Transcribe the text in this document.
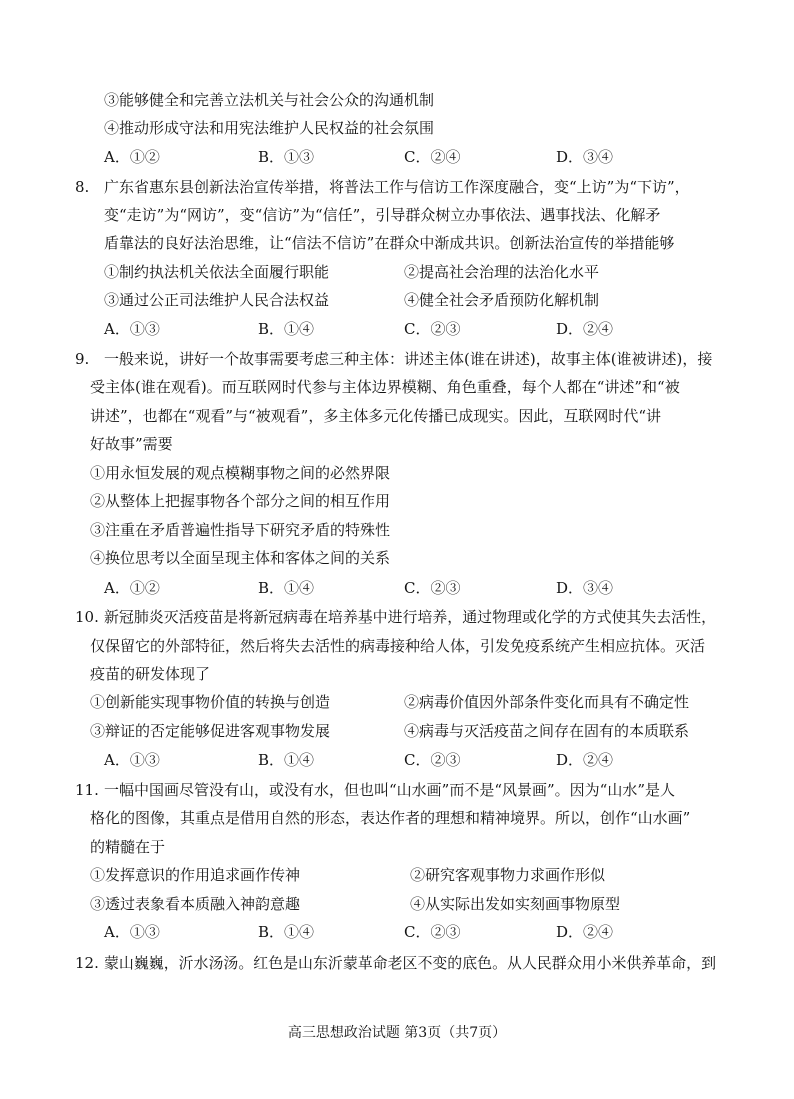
③能够健全和完善立法机关与社会公众的沟通机制
④推动形成守法和用宪法维护人民权益的社会氛围
A．①②	B．①③	C．②④	D．③④
8. 广东省惠东县创新法治宣传举措，将普法工作与信访工作深度融合，变“上访”为“下访”，
变“走访”为“网访”，变“信访”为“信任”，引导群众树立办事依法、遇事找法、化解矛
盾靠法的良好法治思维，让“信法不信访”在群众中渐成共识。创新法治宣传的举措能够
①制约执法机关依法全面履行职能	②提高社会治理的法治化水平
③通过公正司法维护人民合法权益	④健全社会矛盾预防化解机制
A．①③	B．①④	C．②③	D．②④
9. 一般来说，讲好一个故事需要考虑三种主体：讲述主体(谁在讲述)，故事主体(谁被讲述)，接
受主体(谁在观看)。而互联网时代参与主体边界模糊、角色重叠，每个人都在“讲述”和“被
讲述”，也都在“观看”与“被观看”，多主体多元化传播已成现实。因此，互联网时代“讲
好故事”需要
①用永恒发展的观点模糊事物之间的必然界限
②从整体上把握事物各个部分之间的相互作用
③注重在矛盾普遍性指导下研究矛盾的特殊性
④换位思考以全面呈现主体和客体之间的关系
A．①②	B．①④	C．②③	D．③④
10. 新冠肺炎灭活疫苗是将新冠病毒在培养基中进行培养，通过物理或化学的方式使其失去活性，
仅保留它的外部特征，然后将失去活性的病毒接种给人体，引发免疫系统产生相应抗体。灭活
疫苗的研发体现了
①创新能实现事物价值的转换与创造	②病毒价值因外部条件变化而具有不确定性
③辩证的否定能够促进客观事物发展	④病毒与灭活疫苗之间存在固有的本质联系
A．①③	B．①④	C．②③	D．②④
11. 一幅中国画尽管没有山，或没有水，但也叫“山水画”而不是“风景画”。因为“山水”是人
格化的图像，其重点是借用自然的形态，表达作者的理想和精神境界。所以，创作“山水画”
的精髓在于
①发挥意识的作用追求画作传神	②研究客观事物力求画作形似
③透过表象看本质融入神韵意趣	④从实际出发如实刻画事物原型
A．①③	B．①④	C．②③	D．②④
12. 蒙山巍巍，沂水汤汤。红色是山东沂蒙革命老区不变的底色。从人民群众用小米供养革命，到
高三思想政治试题 第3页（共7页）
